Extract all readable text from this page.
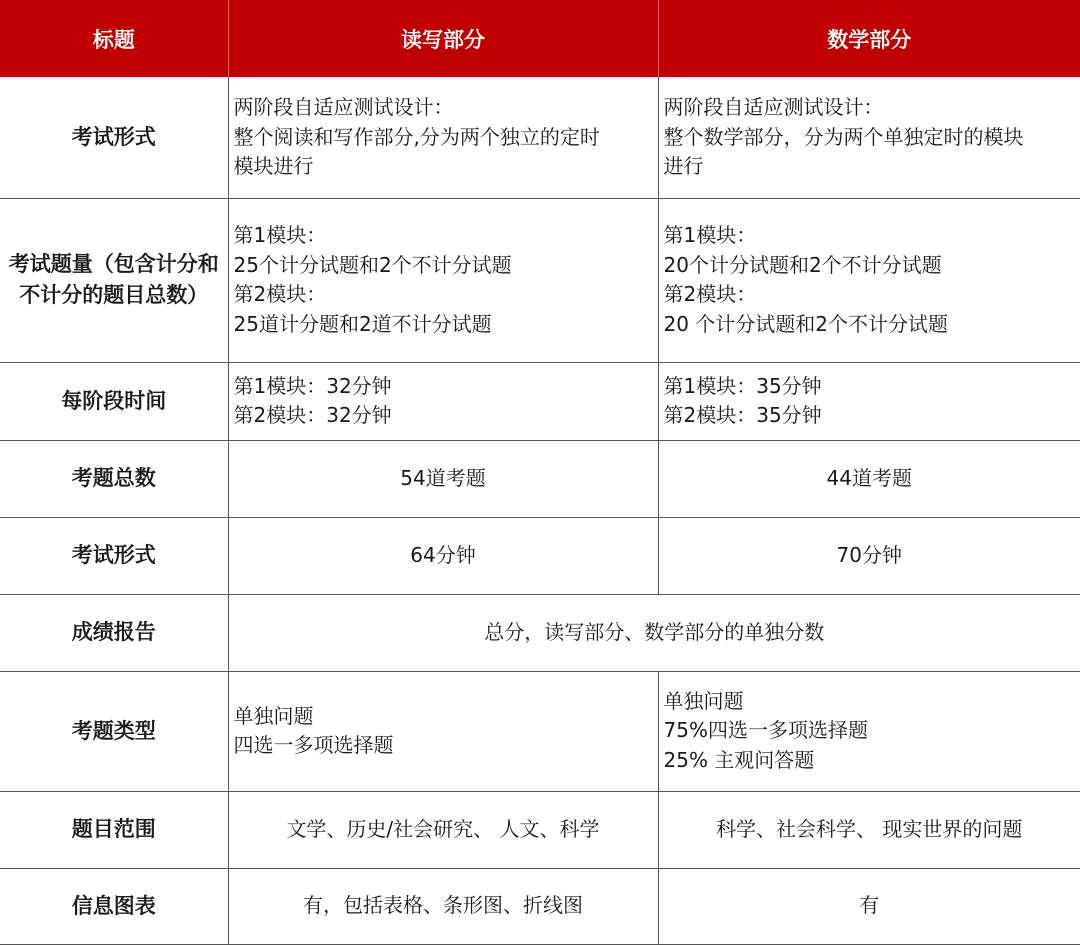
标题	读写部分	数学部分
考试形式	两阶段自适应测试设计：
整个阅读和写作部分,分为两个独立的定时
模块进行	两阶段自适应测试设计：
整个数学部分，分为两个单独定时的模块
进行

考试题量（包含计分和 不计分的题目总数）	第1模块：
25个计分试题和2个不计分试题
第2模块：
25道计分题和2道不计分试题	第1模块：
20个计分试题和2个不计分试题
第2模块：
20 个计分试题和2个不计分试题

每阶段时间	第1模块：32分钟
第2模块：32分钟	第1模块：35分钟
第2模块：35分钟

考题总数	54道考题	44道考题
考试形式	64分钟	70分钟
成绩报告	总分，读写部分、数学部分的单独分数	
考题类型	单独问题
四选一多项选择题	单独问题
75%四选一多项选择题
25% 主观问答题

题目范围	文学、历史/社会研究、 人文、科学	科学、社会科学、 现实世界的问题
信息图表	有，包括表格、条形图、折线图	有
